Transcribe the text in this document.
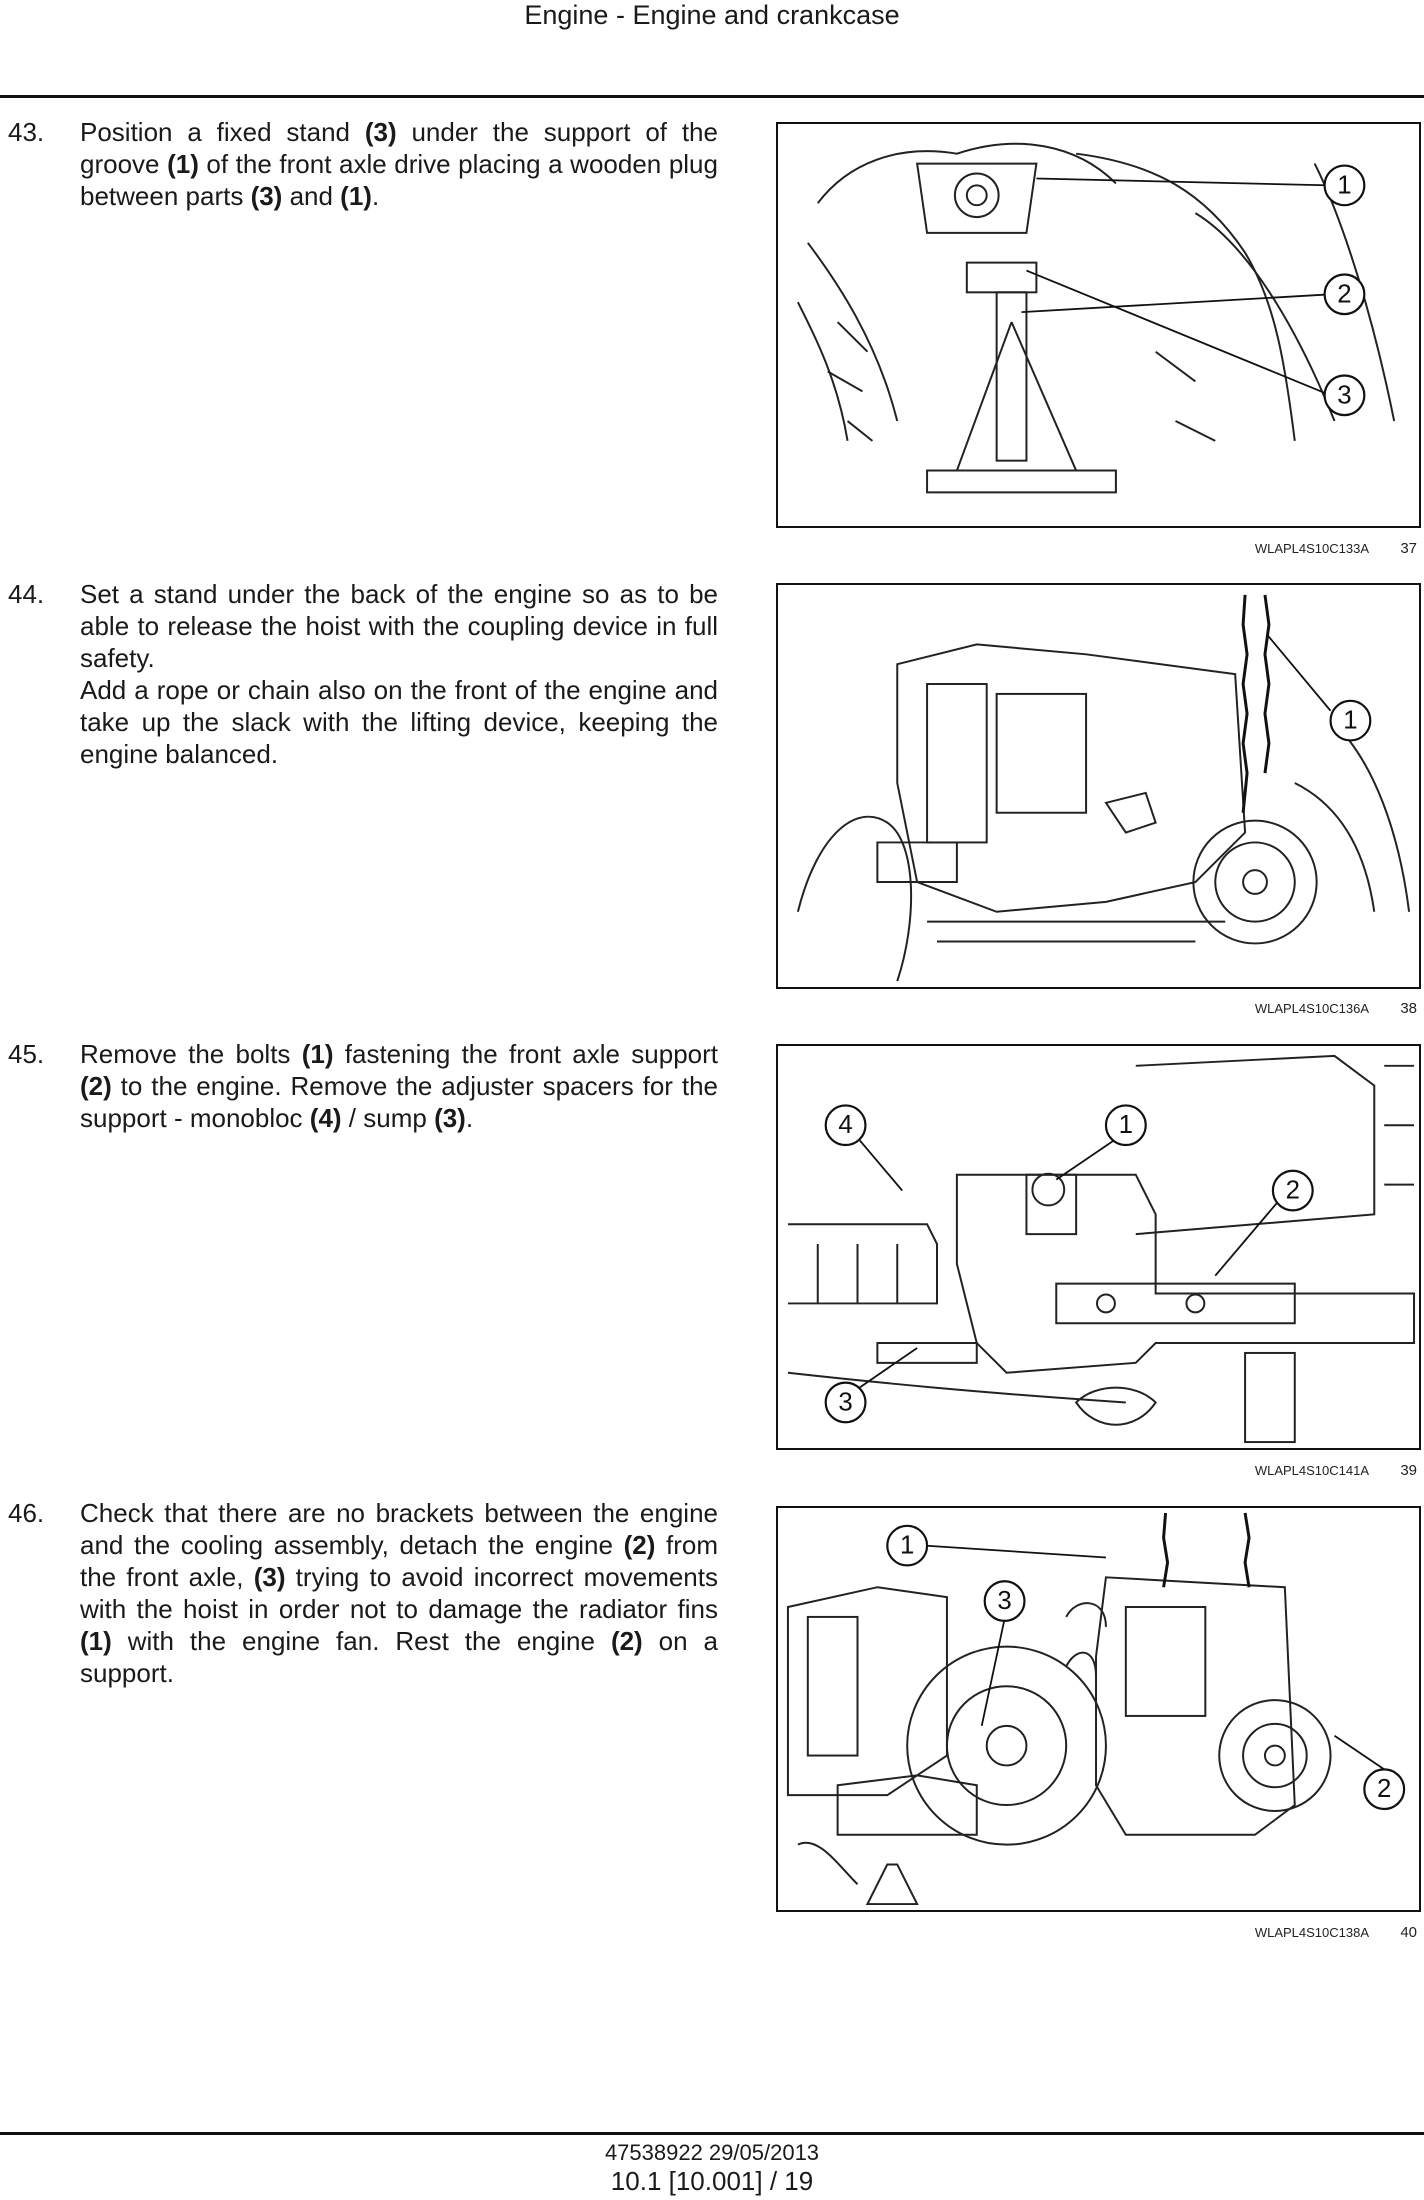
Engine - Engine and crankcase
43. Position a fixed stand (3) under the support of the groove (1) of the front axle drive placing a wooden plug between parts (3) and (1).

44. Set a stand under the back of the engine so as to be able to release the hoist with the coupling device in full safety.

Add a rope or chain also on the front of the engine and take up the slack with the lifting device, keeping the engine balanced.

45. Remove the bolts (1) fastening the front axle support (2) to the engine. Remove the adjuster spacers for the support - monobloc (4) / sump (3).

46. Check that there are no brackets between the engine and the cooling assembly, detach the engine (2) from the front axle, (3) trying to avoid incorrect movements with the hoist in order not to damage the radiator fins (1) with the engine fan. Rest the engine (2) on a support.

1
2
3
WLAPL4S10C133A 37
1
WLAPL4S10C136A 38
4	1
2
3
WLAPL4S10C141A 39
1
3
2
WLAPL4S10C138A 40
47538922 29/05/2013
10.1 [10.001] / 19
